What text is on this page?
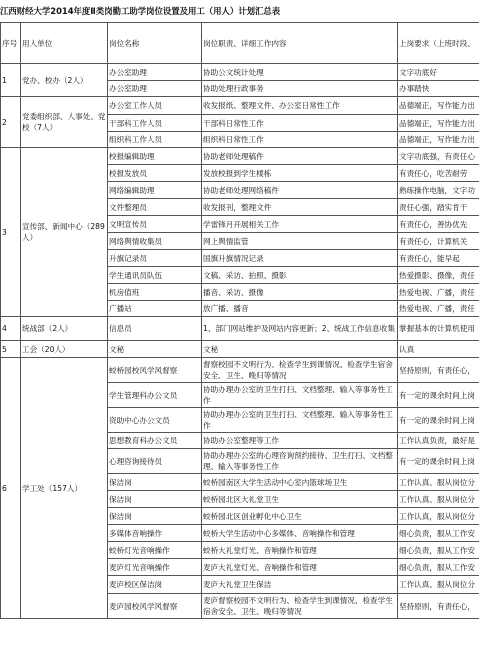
江西财经大学2014年度Ⅱ类岗勤工助学岗位设置及用工（用人）计划汇总表
序号	用人单位	岗位名称	岗位职责、详细工作内容	上岗要求（上班时段、
1	党办、校办（2人）	办公室助理	协助公文统计处理	文字功底好
		办公室助理	协助处理行政事务	办事踏快
2	党委组织部、人事处、党校（7人）	办公室工作人员	收发报纸、整理文件、办公室日常性工作	品德端正，写作能力出
		干部科工作人员	干部科日常性工作	品德端正，写作能力出
		组织科工作人员	组织科日常性工作	品德端正，写作能力出
3	宣传部、新闻中心（289人）	校报编辑助理	协助老师处理稿件	文字功底强，有责任心
		校报发放员	发放校报到学生楼栋	有责任心，吃苦耐劳
		网络编辑助理	协助老师处理网络稿件	熟练操作电脑，文字功
		文件整理员	收发报刊，整理文件	责任心强，踏实肯干
		文明宣传员	学雷锋月开展相关工作	有责任心，善协优先
		网络舆情收集员	网上舆情监管	有责任心，计算机关
		升旗记录员	国旗升旗情况记录	有责任心，能早起
		学生通讯员队伍	文稿、采访、拍照、摄影	热爱摄影、摄像，责任
		机房值班	播音、采访、摄像	热爱电视、广播，责任
		广播站	放广播、播音	热爱电视、广播，责任
4	统战部（2人）	信息员	1、部门网站维护及网站内容更新；2、统战工作信息收集	掌握基本的计算机使用
5	工会（20人）	文秘	文秘	认真
6	学工处（157人）	蛟桥园校风学风督察	督察校园不文明行为、检查学生到课情况、检查学生宿舍安全、卫生、晚归等情况	坚持原则，有责任心，
		学生管理科办公文员	协助办理办公室的卫生打扫、文档整理、输入等事务性工作	有一定的课余时间上岗
		资助中心办公文员	协助办理办公室的卫生打扫、文档整理、输入等事务性工作	有一定的课余时间上岗
		思想教育科办公文员	协助办公室整理等工作	工作认真负责，最好是
		心理咨询接待员	协助办理办公室的心理咨询预约接待、卫生打扫、文档整理、输入等事务性工作	有一定的课余时间上岗
		保洁岗	蛟桥园南区大学生活动中心室内篮球场卫生	工作认真、服从岗位分
		保洁岗	蛟桥园北区大礼堂卫生	工作认真、服从岗位分
		保洁岗	蛟桥园北区创业孵化中心卫生	工作认真，服从岗位分
		多媒体音响操作	蛟桥大学生活动中心多媒体、音响操作和管理	细心负责，服从工作安
		蛟桥灯光音响操作	蛟桥大礼堂灯光、音响操作和管理	细心负责，服从工作安
		麦庐灯光音响操作	麦庐大礼堂灯光、音响操作和管理	细心负责，服从工作安
		麦庐校区保洁岗	麦庐大礼堂卫生保洁	工作认真、服从岗位分
		麦庐园校风学风督察	麦庐督察校园不文明行为、检查学生到课情况、检查学生宿舍安全、卫生、晚归等情况	坚持原则，有责任心，
